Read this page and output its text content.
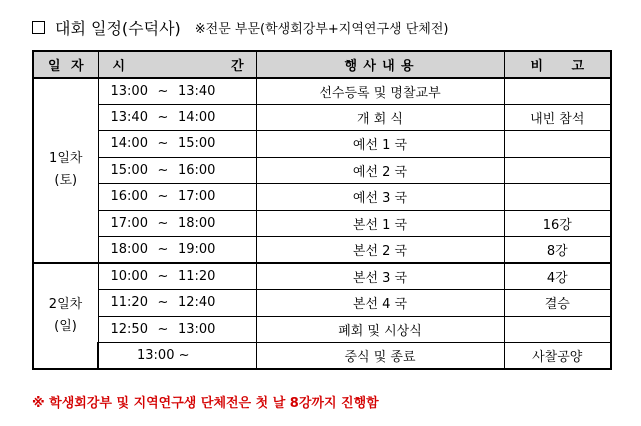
대회 일정(수덕사) ※전문 부문(학생회강부+지역연구생 단체전)
일 자	시 간	행 사 내 용	비 고

1일차
(토)	13:00 ~ 13:40	선수등록 및 명찰교부	
	13:40 ~ 14:00	개 회 식	내빈 참석
	14:00 ~ 15:00	예선 1 국	
	15:00 ~ 16:00	예선 2 국	
	16:00 ~ 17:00	예선 3 국	
	17:00 ~ 18:00	본선 1 국	16강
	18:00 ~ 19:00	본선 2 국	8강

2일차
(일)	10:00 ~ 11:20	본선 3 국	4강
	11:20 ~ 12:40	본선 4 국	결승
	12:50 ~ 13:00	폐회 및 시상식	
	13:00 ~	중식 및 종료	사찰공양
※ 학생회강부 및 지역연구생 단체전은 첫 날 8강까지 진행함
